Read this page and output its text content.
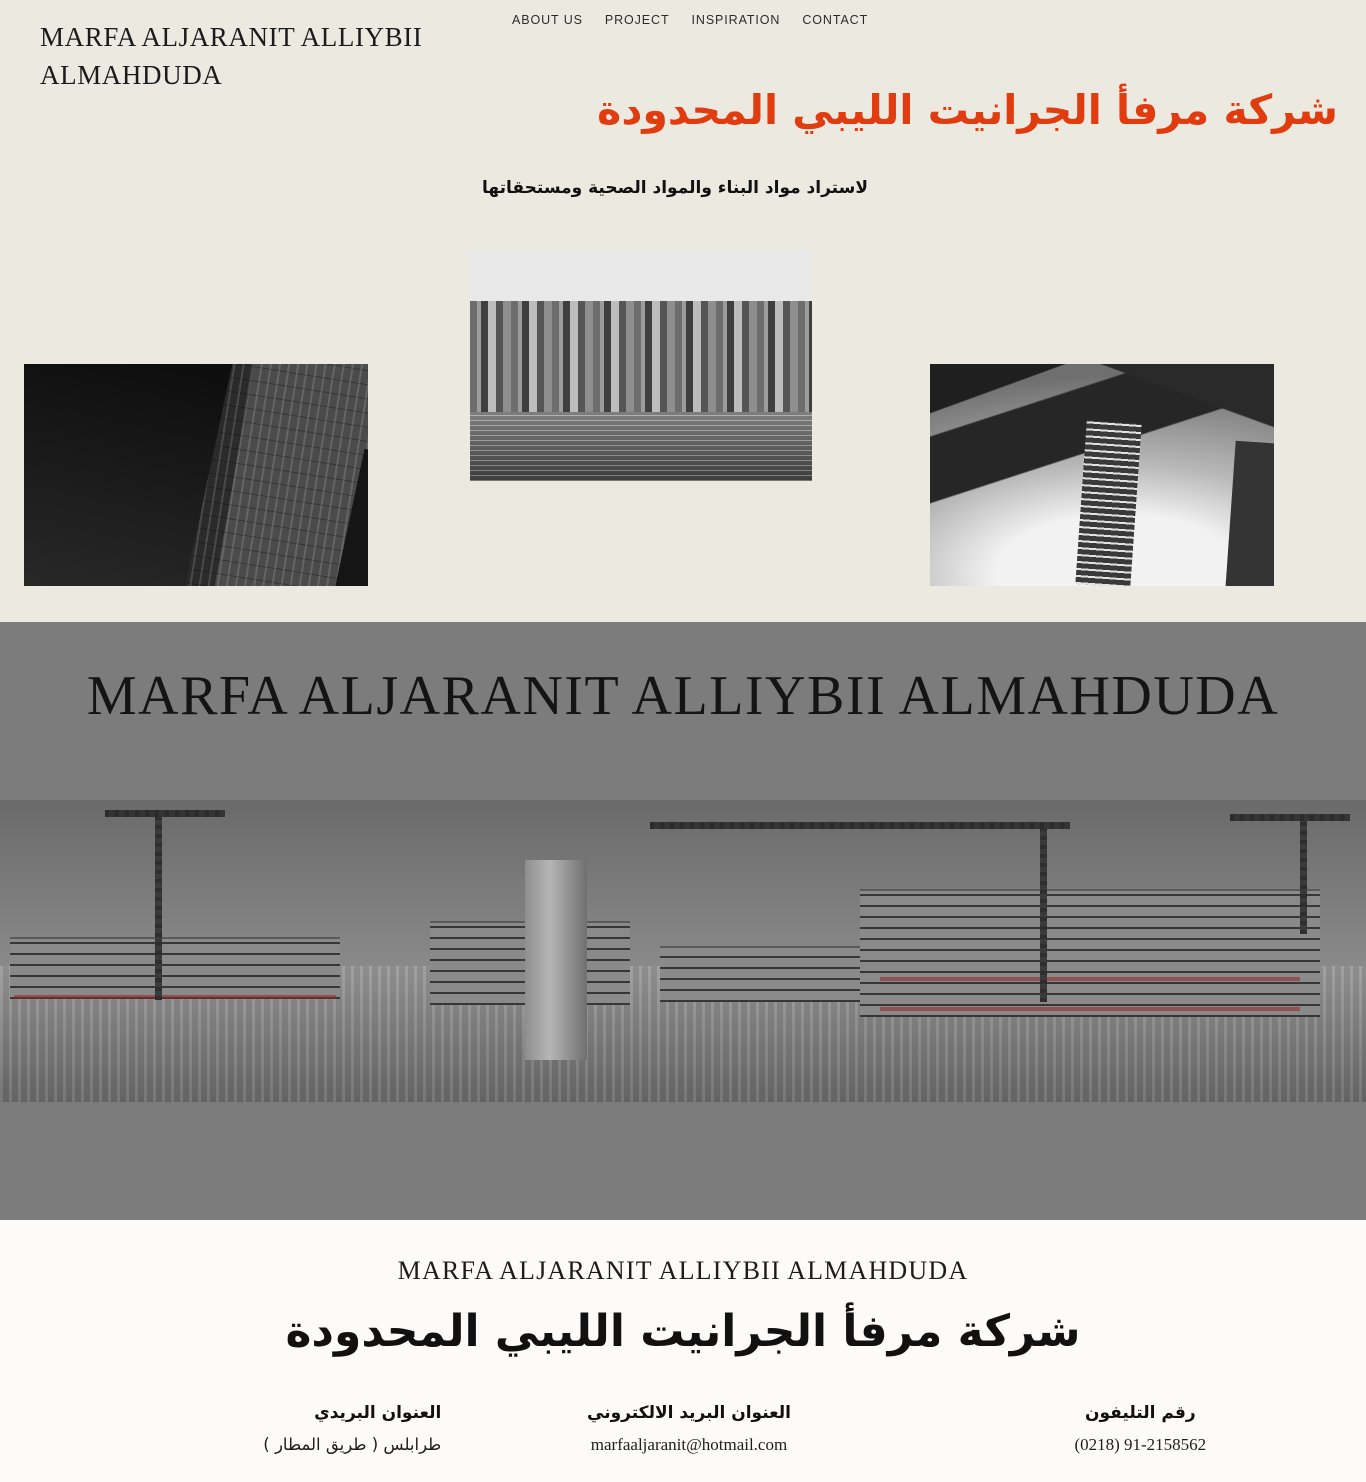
MARFA ALJARANIT ALLIYBII ALMAHDUDA
ABOUT US PROJECT INSPIRATION CONTACT
شركة مرفأ الجرانيت الليبي المحدودة
لاستراد مواد البناء والمواد الصحية ومستحقاتها
MARFA ALJARANIT ALLIYBII ALMAHDUDA
MARFA ALJARANIT ALLIYBII ALMAHDUDA
شركة مرفأ الجرانيت الليبي المحدودة
العنوان البريدي
طرابلس ( طريق المطار )
العنوان البريد الالكتروني
marfaaljaranit@hotmail.com
رقم التليفون
(0218) 91-2158562
